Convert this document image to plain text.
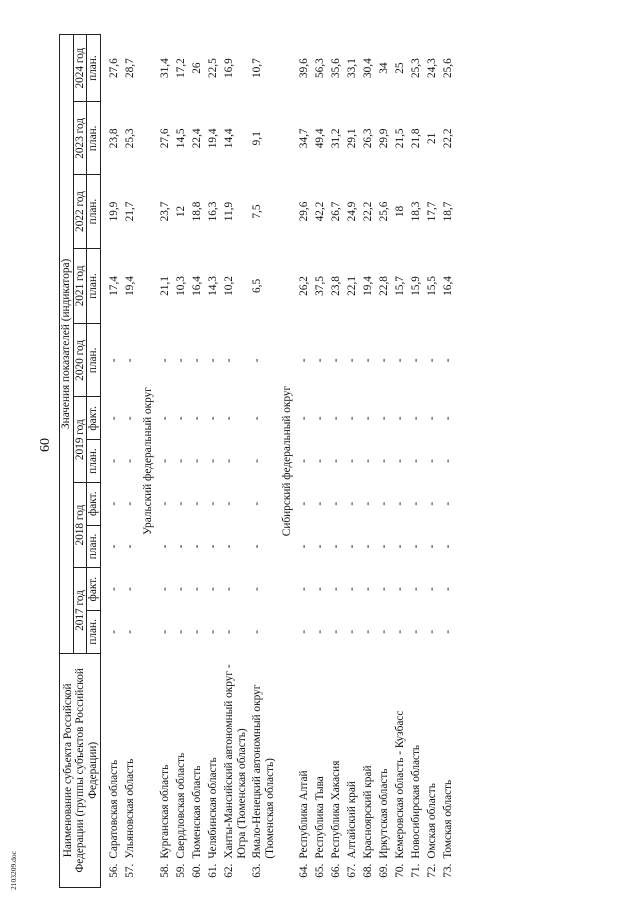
60
2103209.doc
Наименование субъекта Российской Федерации (группы субъектов Российской Федерации)		Значения показателей (индикатора)										
		2017 год		2018 год		2019 год		2020 год	2021 год	2022 год	2023 год	2024 год
		план.	факт.	план.	факт.	план.	факт.	план.	план.	план.	план.	план.

56.	Саратовская область	-	-	-	-	-	-	-	17,4	19,9	23,8	27,6
57.	Ульяновская область	-	-	-	-	-	-	-	19,4	21,7	25,3	28,7
Уральский федеральный округ												
58.	Курганская область	-	-	-	-	-	-	-	21,1	23,7	27,6	31,4
59.	Свердловская область	-	-	-	-	-	-	-	10,3	12	14,5	17,2
60.	Тюменская область	-	-	-	-	-	-	-	16,4	18,8	22,4	26
61.	Челябинская область	-	-	-	-	-	-	-	14,3	16,3	19,4	22,5
62.	Ханты-Мансийский автономный округ - Югра (Тюменская область)	-	-	-	-	-	-	-	10,2	11,9	14,4	16,9
63.	Ямало-Ненецкий автономный округ (Тюменская область)	-	-	-	-	-	-	-	6,5	7,5	9,1	10,7
Сибирский федеральный округ												
64.	Республика Алтай	-	-	-	-	-	-	-	26,2	29,6	34,7	39,6
65.	Республика Тыва	-	-	-	-	-	-	-	37,5	42,2	49,4	56,3
66.	Республика Хакасия	-	-	-	-	-	-	-	23,8	26,7	31,2	35,6
67.	Алтайский край	-	-	-	-	-	-	-	22,1	24,9	29,1	33,1
68.	Красноярский край	-	-	-	-	-	-	-	19,4	22,2	26,3	30,4
69.	Иркутская область	-	-	-	-	-	-	-	22,8	25,6	29,9	34
70.	Кемеровская область - Кузбасс	-	-	-	-	-	-	-	15,7	18	21,5	25
71.	Новосибирская область	-	-	-	-	-	-	-	15,9	18,3	21,8	25,3
72.	Омская область	-	-	-	-	-	-	-	15,5	17,7	21	24,3
73.	Томская область	-	-	-	-	-	-	-	16,4	18,7	22,2	25,6
